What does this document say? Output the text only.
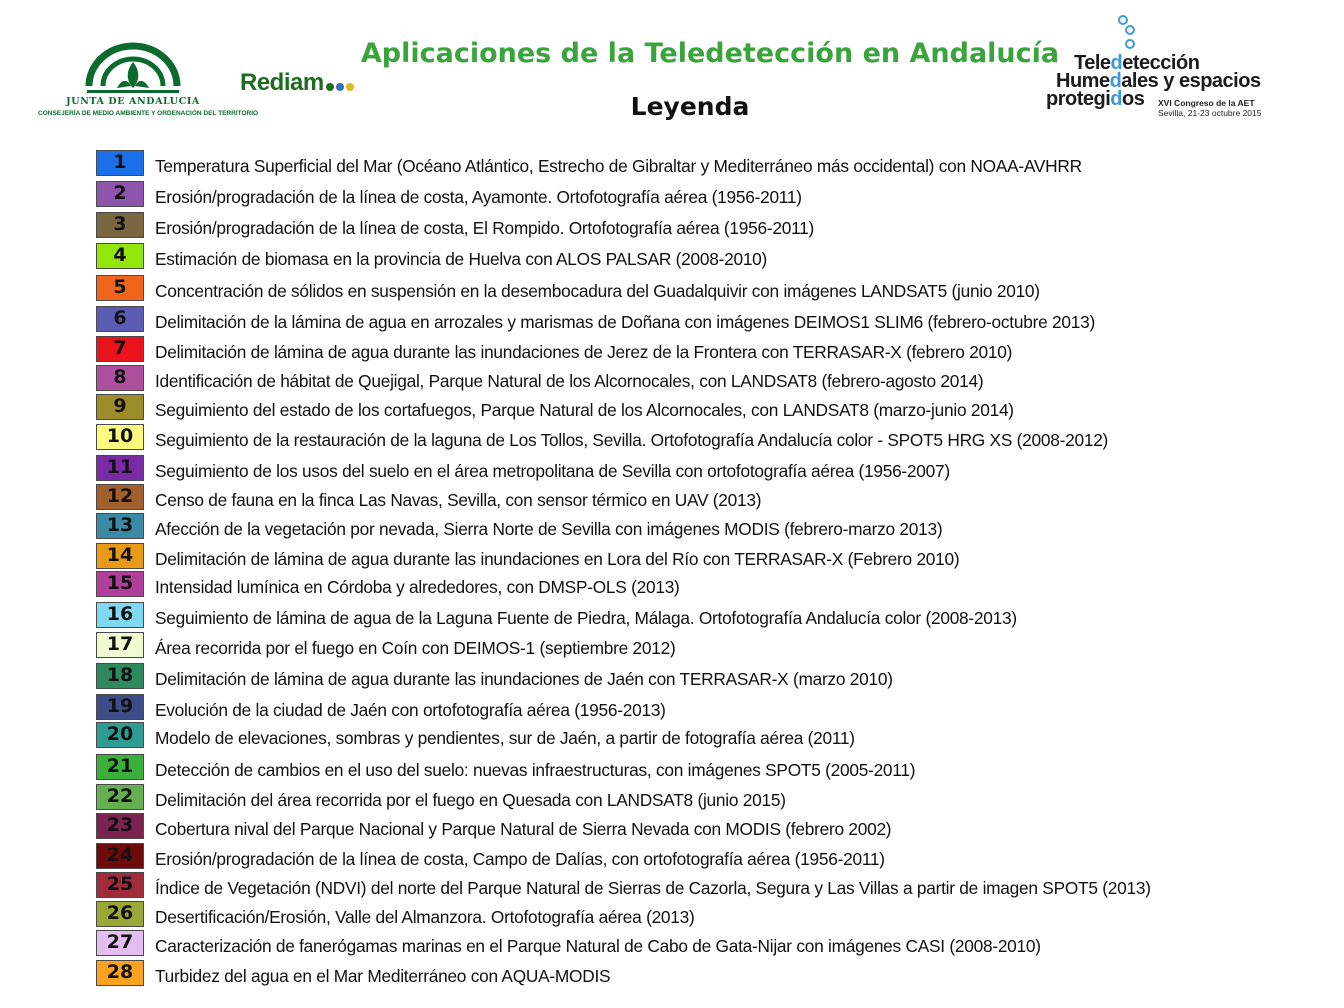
JUNTA DE ANDALUCIA
CONSEJERÍA DE MEDIO AMBIENTE Y ORDENACIÓN DEL TERRITORIO
Rediam
Aplicaciones de la Teledetección en Andalucía
Leyenda
Teledetección
Humedales y espacios
protegidos XVI Congreso de la AET
Sevilla, 21-23 octubre 2015
1	Temperatura Superficial del Mar (Océano Atlántico, Estrecho de Gibraltar y Mediterráneo más occidental) con NOAA-AVHRR
2	Erosión/progradación de la línea de costa, Ayamonte. Ortofotografía aérea (1956-2011)
3	Erosión/progradación de la línea de costa, El Rompido. Ortofotografía aérea (1956-2011)
4	Estimación de biomasa en la provincia de Huelva con ALOS PALSAR (2008-2010)
5	Concentración de sólidos en suspensión en la desembocadura del Guadalquivir con imágenes LANDSAT5 (junio 2010)
6	Delimitación de la lámina de agua en arrozales y marismas de Doñana con imágenes DEIMOS1 SLIM6 (febrero-octubre 2013)
7	Delimitación de lámina de agua durante las inundaciones de Jerez de la Frontera con TERRASAR-X (febrero 2010)
8	Identificación de hábitat de Quejigal, Parque Natural de los Alcornocales, con LANDSAT8 (febrero-agosto 2014)
9	Seguimiento del estado de los cortafuegos, Parque Natural de los Alcornocales, con LANDSAT8 (marzo-junio 2014)
10	Seguimiento de la restauración de la laguna de Los Tollos, Sevilla. Ortofotografía Andalucía color - SPOT5 HRG XS (2008-2012)
11	Seguimiento de los usos del suelo en el área metropolitana de Sevilla con ortofotografía aérea (1956-2007)
12	Censo de fauna en la finca Las Navas, Sevilla, con sensor térmico en UAV (2013)
13	Afección de la vegetación por nevada, Sierra Norte de Sevilla con imágenes MODIS (febrero-marzo 2013)
14	Delimitación de lámina de agua durante las inundaciones en Lora del Río con TERRASAR-X (Febrero 2010)
15	Intensidad lumínica en Córdoba y alrededores, con DMSP-OLS (2013)
16	Seguimiento de lámina de agua de la Laguna Fuente de Piedra, Málaga. Ortofotografía Andalucía color (2008-2013)
17	Área recorrida por el fuego en Coín con DEIMOS-1 (septiembre 2012)
18	Delimitación de lámina de agua durante las inundaciones de Jaén con TERRASAR-X (marzo 2010)
19	Evolución de la ciudad de Jaén con ortofotografía aérea (1956-2013)
20	Modelo de elevaciones, sombras y pendientes, sur de Jaén, a partir de fotografía aérea (2011)
21	Detección de cambios en el uso del suelo: nuevas infraestructuras, con imágenes SPOT5 (2005-2011)
22	Delimitación del área recorrida por el fuego en Quesada con LANDSAT8 (junio 2015)
23	Cobertura nival del Parque Nacional y Parque Natural de Sierra Nevada con MODIS (febrero 2002)
24	Erosión/progradación de la línea de costa, Campo de Dalías, con ortofotografía aérea (1956-2011)
25	Índice de Vegetación (NDVI) del norte del Parque Natural de Sierras de Cazorla, Segura y Las Villas a partir de imagen SPOT5 (2013)
26	Desertificación/Erosión, Valle del Almanzora. Ortofotografía aérea (2013)
27	Caracterización de fanerógamas marinas en el Parque Natural de Cabo de Gata-Nijar con imágenes CASI (2008-2010)
28	Turbidez del agua en el Mar Mediterráneo con AQUA-MODIS
